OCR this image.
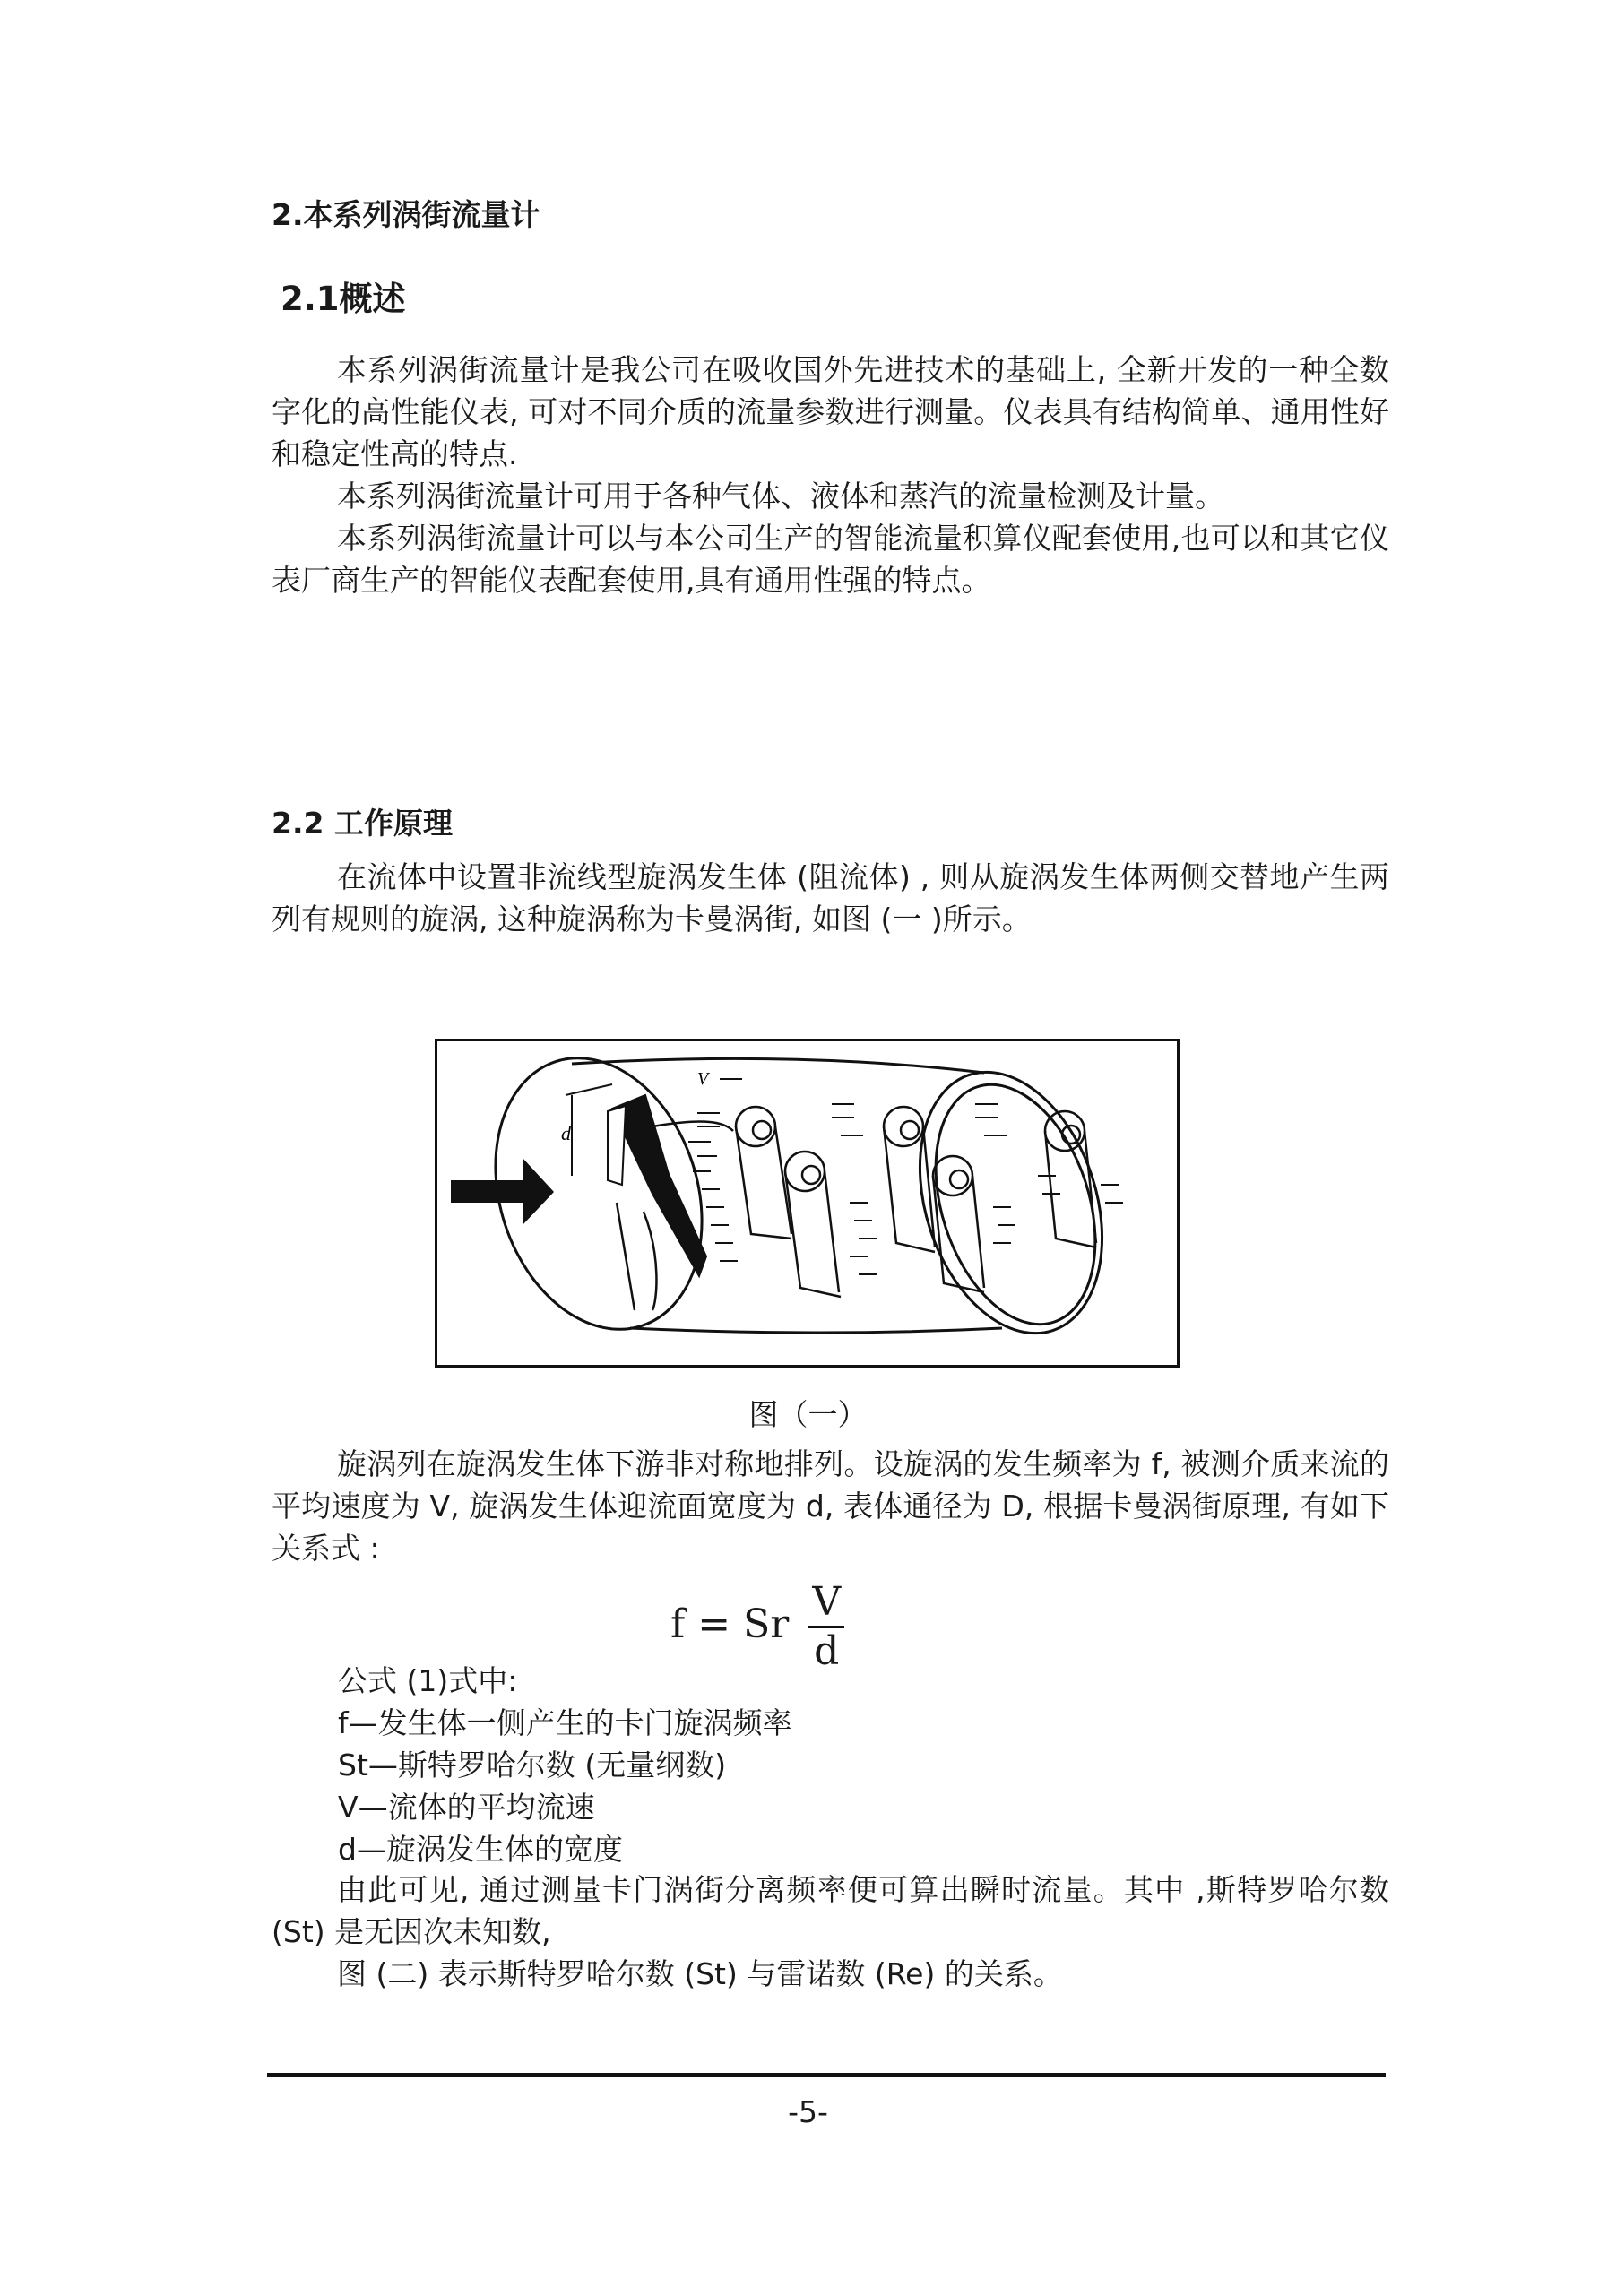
2.本系列涡街流量计
2.1概述

本系列涡街流量计是我公司在吸收国外先进技术的基础上, 全新开发的一种全数字化的高性能仪表, 可对不同介质的流量参数进行测量。仪表具有结构简单、通用性好和稳定性高的特点.

本系列涡街流量计可用于各种气体、液体和蒸汽的流量检测及计量。

本系列涡街流量计可以与本公司生产的智能流量积算仪配套使用,也可以和其它仪表厂商生产的智能仪表配套使用,具有通用性强的特点。

2.2 工作原理

在流体中设置非流线型旋涡发生体 (阻流体) , 则从旋涡发生体两侧交替地产生两列有规则的旋涡, 这种旋涡称为卡曼涡街, 如图 (一 )所示。

d
V
图（一）

旋涡列在旋涡发生体下游非对称地排列。设旋涡的发生频率为 f, 被测介质来流的平均速度为 V, 旋涡发生体迎流面宽度为 d, 表体通径为 D, 根据卡曼涡街原理, 有如下关系式 :

f = Sr $\frac{V}{d}$
公式 (1)式中:
f—发生体一侧产生的卡门旋涡频率
St—斯特罗哈尔数 (无量纲数)
V—流体的平均流速
d—旋涡发生体的宽度

由此可见, 通过测量卡门涡街分离频率便可算出瞬时流量。其中 ,斯特罗哈尔数 (St) 是无因次未知数,

图 (二) 表示斯特罗哈尔数 (St) 与雷诺数 (Re) 的关系。

-5-
